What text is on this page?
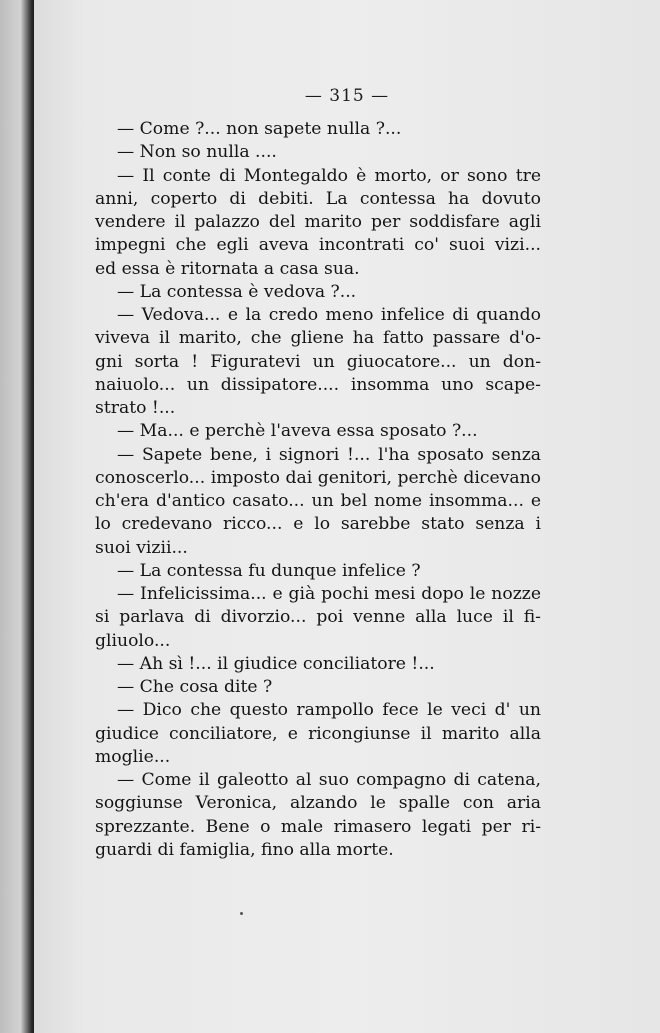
— 315 —
— Come ?... non sapete nulla ?...
— Non so nulla ....
— Il conte di Montegaldo è morto, or sono tre
anni, coperto di debiti. La contessa ha dovuto
vendere il palazzo del marito per soddisfare agli
impegni che egli aveva incontrati co' suoi vizi...
ed essa è ritornata a casa sua.
— La contessa è vedova ?...
— Vedova... e la credo meno infelice di quando
viveva il marito, che gliene ha fatto passare d'o-
gni sorta ! Figuratevi un giuocatore... un don-
naiuolo... un dissipatore.... insomma uno scape-
strato !...
— Ma... e perchè l'aveva essa sposato ?...
— Sapete bene, i signori !... l'ha sposato senza
conoscerlo... imposto dai genitori, perchè dicevano
ch'era d'antico casato... un bel nome insomma... e
lo credevano ricco... e lo sarebbe stato senza i
suoi vizii...
— La contessa fu dunque infelice ?
— Infelicissima... e già pochi mesi dopo le nozze
si parlava di divorzio... poi venne alla luce il fi-
gliuolo...
— Ah sì !... il giudice conciliatore !...
— Che cosa dite ?
— Dico che questo rampollo fece le veci d' un
giudice conciliatore, e ricongiunse il marito alla
moglie...
— Come il galeotto al suo compagno di catena,
soggiunse Veronica, alzando le spalle con aria
sprezzante. Bene o male rimasero legati per ri-
guardi di famiglia, fino alla morte.
